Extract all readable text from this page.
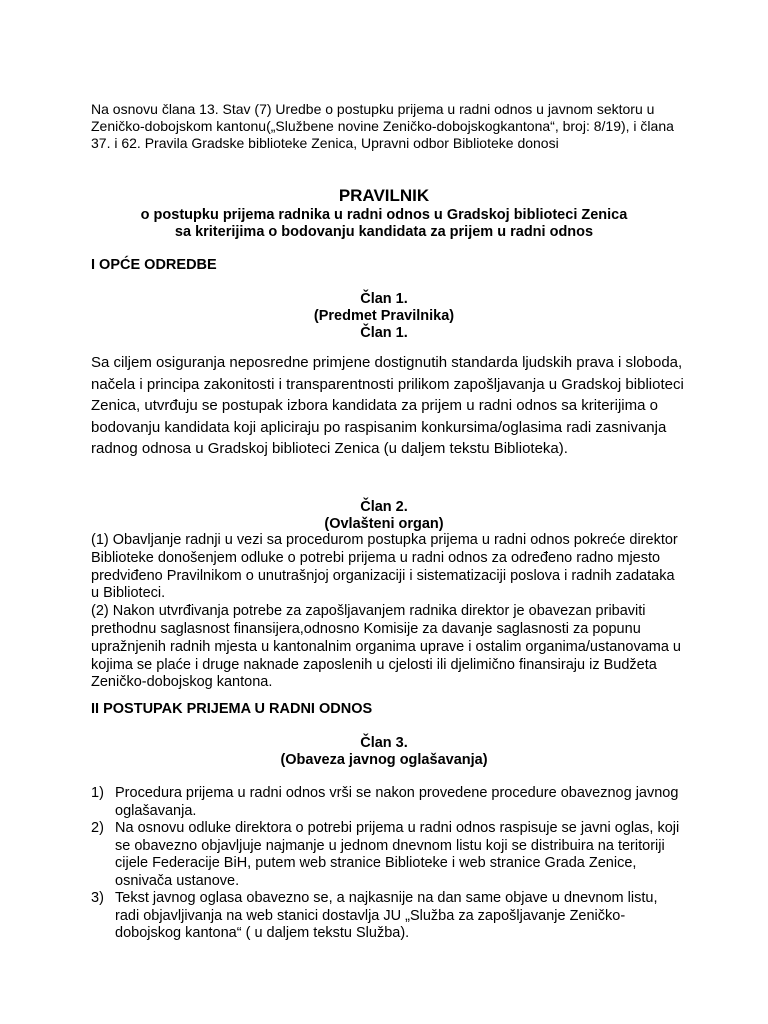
Na osnovu člana 13. Stav (7) Uredbe o postupku prijema u radni odnos u javnom sektoru u Zeničko-dobojskom kantonu(„Službene novine Zeničko-dobojskogkantona“, broj: 8/19), i člana 37. i 62. Pravila Gradske biblioteke Zenica, Upravni odbor Biblioteke donosi

PRAVILNIK
o postupku prijema radnika u radni odnos u Gradskoj biblioteci Zenica
sa kriterijima o bodovanju kandidata za prijem u radni odnos
I OPĆE ODREDBE
Član 1.
(Predmet Pravilnika)
Član 1.

Sa ciljem osiguranja neposredne primjene dostignutih standarda ljudskih prava i sloboda, načela i principa zakonitosti i transparentnosti prilikom zapošljavanja u Gradskoj biblioteci Zenica, utvrđuju se postupak izbora kandidata za prijem u radni odnos sa kriterijima o bodovanju kandidata koji apliciraju po raspisanim konkursima/oglasima radi zasnivanja radnog odnosa u Gradskoj biblioteci Zenica (u daljem tekstu Biblioteka).

Član 2.
(Ovlašteni organ)
(1) Obavljanje radnji u vezi sa procedurom postupka prijema u radni odnos pokreće direktor Biblioteke donošenjem odluke o potrebi prijema u radni odnos za određeno radno mjesto predviđeno Pravilnikom o unutrašnjoj organizaciji i sistematizaciji poslova i radnih zadataka u Biblioteci.
(2) Nakon utvrđivanja potrebe za zapošljavanjem radnika direktor je obavezan pribaviti prethodnu saglasnost finansijera,odnosno Komisije za davanje saglasnosti za popunu upražnjenih radnih mjesta u kantonalnim organima uprave i ostalim organima/ustanovama u kojima se plaće i druge naknade zaposlenih u cjelosti ili djelimično finansiraju iz Budžeta Zeničko-dobojskog kantona.
II POSTUPAK PRIJEMA U RADNI ODNOS
Član 3.
(Obaveza javnog oglašavanja)
1) Procedura prijema u radni odnos vrši se nakon provedene procedure obaveznog javnog oglašavanja.
2) Na osnovu odluke direktora o potrebi prijema u radni odnos raspisuje se javni oglas, koji se obavezno objavljuje najmanje u jednom dnevnom listu koji se distribuira na teritoriji cijele Federacije BiH, putem web stranice Biblioteke i web stranice Grada Zenice, osnivača ustanove.
3) Tekst javnog oglasa obavezno se, a najkasnije na dan same objave u dnevnom listu, radi objavljivanja na web stanici dostavlja JU „Služba za zapošljavanje Zeničko-dobojskog kantona“ ( u daljem tekstu Služba).
